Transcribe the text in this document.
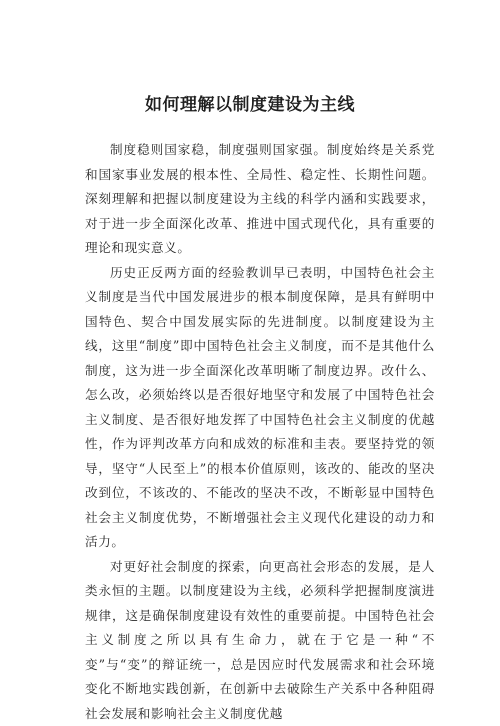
如何理解以制度建设为主线

制度稳则国家稳，制度强则国家强。制度始终是关系党和国家事业发展的根本性、全局性、稳定性、长期性问题。深刻理解和把握以制度建设为主线的科学内涵和实践要求，对于进一步全面深化改革、推进中国式现代化，具有重要的理论和现实意义。

历史正反两方面的经验教训早已表明，中国特色社会主义制度是当代中国发展进步的根本制度保障，是具有鲜明中国特色、契合中国发展实际的先进制度。以制度建设为主线，这里“制度”即中国特色社会主义制度，而不是其他什么制度，这为进一步全面深化改革明晰了制度边界。改什么、怎么改，必须始终以是否很好地坚守和发展了中国特色社会主义制度、是否很好地发挥了中国特色社会主义制度的优越性，作为评判改革方向和成效的标准和圭表。要坚持党的领导，坚守“人民至上”的根本价值原则，该改的、能改的坚决改到位，不该改的、不能改的坚决不改，不断彰显中国特色社会主义制度优势，不断增强社会主义现代化建设的动力和活力。

对更好社会制度的探索，向更高社会形态的发展，是人类永恒的主题。以制度建设为主线，必须科学把握制度演进规律，这是确保制度建设有效性的重要前提。中国特色社会主义制度之所以具有生命力，就在于它是一种“不变”与“变”的辩证统一，总是因应时代发展需求和社会环境变化不断地实践创新，在创新中去破除生产关系中各种阻碍社会发展和影响社会主义制度优越
